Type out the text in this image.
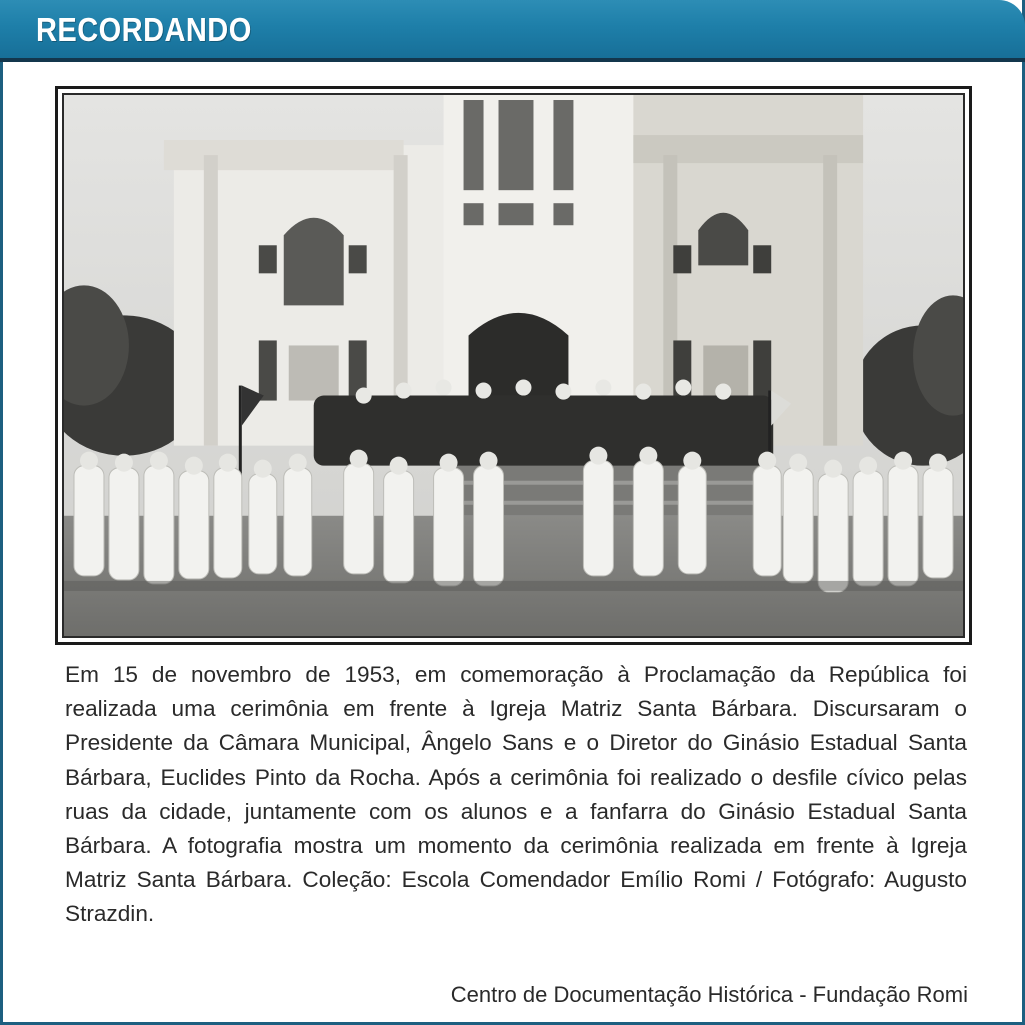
RECORDANDO
Em 15 de novembro de 1953, em comemoração à Proclamação da República foi realizada uma cerimônia em frente à Igreja Matriz Santa Bárbara. Discursaram o Presidente da Câmara Municipal, Ângelo Sans e o Diretor do Ginásio Estadual Santa Bárbara, Euclides Pinto da Rocha. Após a cerimônia foi realizado o desfile cívico pelas ruas da cidade, juntamente com os alunos e a fanfarra do Ginásio Estadual Santa Bárbara. A fotografia mostra um momento da cerimônia realizada em frente à Igreja Matriz Santa Bárbara. Coleção: Escola Comendador Emílio Romi / Fotógrafo: Augusto Strazdin.
Centro de Documentação Histórica - Fundação Romi
